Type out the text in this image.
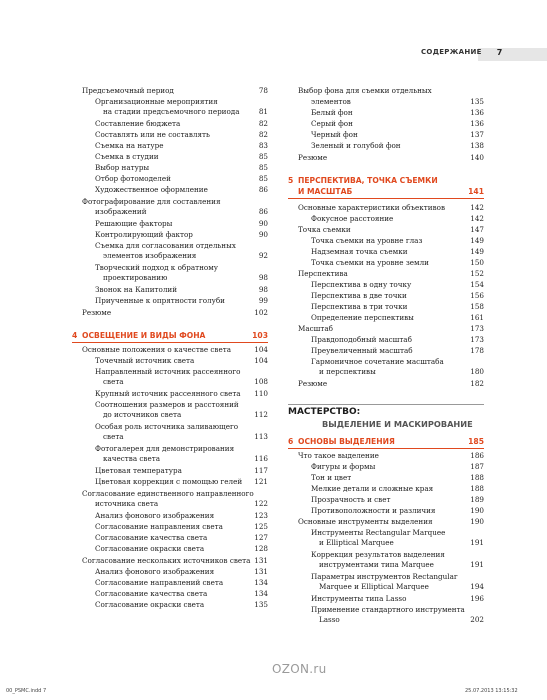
СОДЕРЖАНИЕ	7
Предсъемочный период	78
Организационные мероприятия
на стадии предсъемочного периода	81
Составление бюджета	82
Составлять или не составлять	82
Съемка на натуре	83
Съемка в студии	85
Выбор натуры	85
Отбор фотомоделей	85
Художественное оформление	86
Фотографирование для составления
изображений	86
Решающие факторы	90
Контролирующий фактор	90
Съемка для согласования отдельных
элементов изображения	92
Творческий подход к обратному
проектированию	98
Звонок на Капитолий	98
Приученные к опрятности голуби	99
Резюме	102
Основные положения о качестве света	104
Точечный источник света	104
Направленный источник рассеянного
света	108
Крупный источник рассеянного света 110
Соотношения размеров и расстояний
до источников света	112
Особая роль источника заливающего
света	113
Фотогалерея для демонстрирования
качества света	116
Цветовая температура	117
Цветовая коррекция с помощью гелей 121
Согласование единственного направленного
источника света	122
Анализ фонового изображения	123
Согласование направления света	125
Согласование качества света	127
Согласование окраски света	128
Согласование нескольких источников света 131
Анализ фонового изображения	131
Согласование направлений света	134
Согласование качества света	134
Согласование окраски света	135
4 ОСВЕЩЕНИЕ И ВИДЫ ФОНА	103
Выбор фона для съемки отдельных
элементов	135
Белый фон	136
Серый фон	136
Черный фон	137
Зеленый и голубой фон	138
Резюме	140
Основные характеристики объективов	142
Фокусное расстояние	142
Точка съемки	147
Точка съемки на уровне глаз	149
Надземная точка съемки	149
Точка съемки на уровне земли	150
Перспектива	152
Перспектива в одну точку	154
Перспектива в две точки	156
Перспектива в три точки	158
Определение перспективы	161
Масштаб	173
Правдоподобный масштаб	173
Преувеличенный масштаб	178
Гармоничное сочетание масштаба
и перспективы	180
Резюме	182
Что такое выделение	186
Фигуры и формы	187
Тон и цвет	188
Мелкие детали и сложные края	188
Прозрачность и свет	189
Противоположности и различия	190
Основные инструменты выделения	190
Инструменты Rectangular Marquee
и Elliptical Marquee	191
Коррекция результатов выделения
инструментами типа Marquee	191
Параметры инструментов Rectangular
Marquee и Elliptical Marquee	194
Инструменты типа Lasso	196
Применение стандартного инструмента
Lasso	202
5 ПЕРСПЕКТИВА, ТОЧКА СЪЕМКИ
И МАСШТАБ	141
6 ОСНОВЫ ВЫДЕЛЕНИЯ	185
МАСТЕРСТВО:
ВЫДЕЛЕНИЕ И МАСКИРОВАНИЕ
00_PSMC.indd 7	25.07.2013 13:15:32
OZON.ru
